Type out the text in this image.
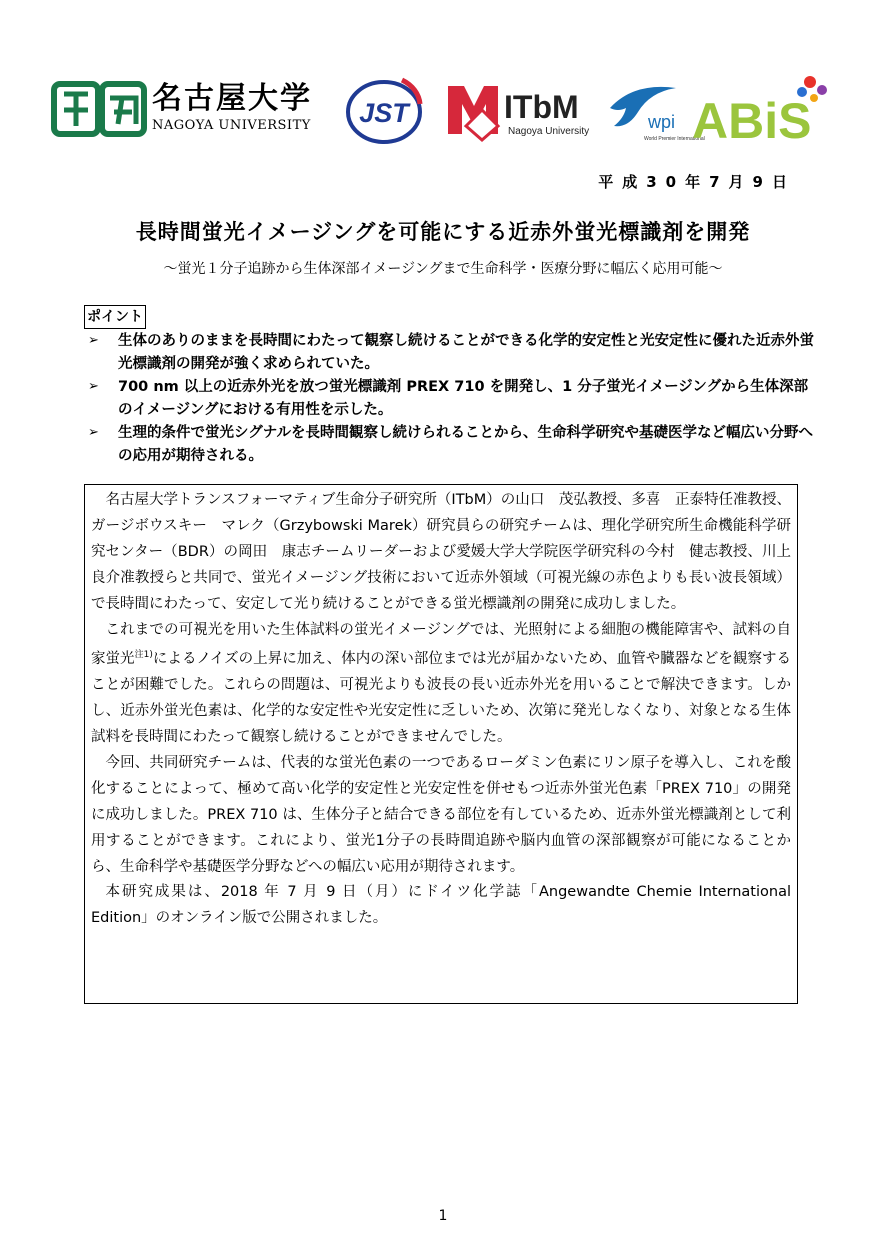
名古屋大学
NAGOYA UNIVERSITY	JST	ITbM
Nagoya University	wpi
World Premier International
ABiS
平成30年7月9日
長時間蛍光イメージングを可能にする近赤外蛍光標識剤を開発
～蛍光１分子追跡から生体深部イメージングまで生命科学・医療分野に幅広く応用可能～
ポイント
➢ 生体のありのままを長時間にわたって観察し続けることができる化学的安定性と光安定性に優れた近赤外蛍光標識剤の開発が強く求められていた。
➢ 700 nm 以上の近赤外光を放つ蛍光標識剤 PREX 710 を開発し、1 分子蛍光イメージングから生体深部のイメージングにおける有用性を示した。
➢ 生理的条件で蛍光シグナルを長時間観察し続けられることから、生命科学研究や基礎医学など幅広い分野への応用が期待される。

名古屋大学トランスフォーマティブ生命分子研究所（ITbM）の山口　茂弘教授、多喜　正泰特任准教授、ガージボウスキー　マレク（Grzybowski Marek）研究員らの研究チームは、理化学研究所生命機能科学研究センター（BDR）の岡田　康志チームリーダーおよび愛媛大学大学院医学研究科の今村　健志教授、川上　良介准教授らと共同で、蛍光イメージング技術において近赤外領域（可視光線の赤色よりも長い波長領域）で長時間にわたって、安定して光り続けることができる蛍光標識剤の開発に成功しました。

これまでの可視光を用いた生体試料の蛍光イメージングでは、光照射による細胞の機能障害や、試料の自家蛍光$^{注1)}$によるノイズの上昇に加え、体内の深い部位までは光が届かないため、血管や臓器などを観察することが困難でした。これらの問題は、可視光よりも波長の長い近赤外光を用いることで解決できます。しかし、近赤外蛍光色素は、化学的な安定性や光安定性に乏しいため、次第に発光しなくなり、対象となる生体試料を長時間にわたって観察し続けることができませんでした。

今回、共同研究チームは、代表的な蛍光色素の一つであるローダミン色素にリン原子を導入し、これを酸化することによって、極めて高い化学的安定性と光安定性を併せもつ近赤外蛍光色素「PREX 710」の開発に成功しました。PREX 710 は、生体分子と結合できる部位を有しているため、近赤外蛍光標識剤として利用することができます。これにより、蛍光1分子の長時間追跡や脳内血管の深部観察が可能になることから、生命科学や基礎医学分野などへの幅広い応用が期待されます。

本研究成果は、2018 年 7 月 9 日（月）にドイツ化学誌「Angewandte Chemie International Edition」のオンライン版で公開されました。

1
